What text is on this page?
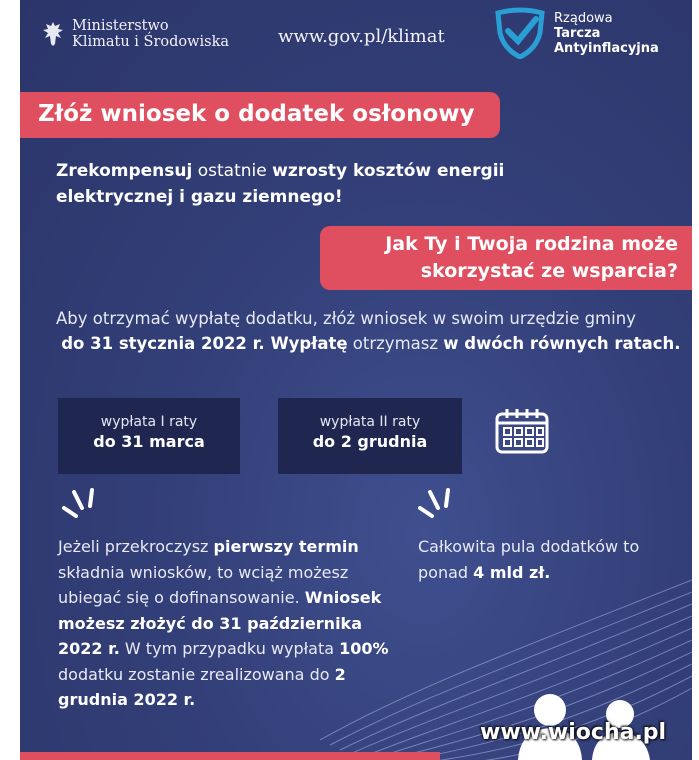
Ministerstwo
Klimatu i Środowiska	www.gov.pl/klimat
Rządowa
Tarcza
Antyinflacyjna
Złóż wniosek o dodatek osłonowy
Zrekompensuj ostatnie wzrosty kosztów energii elektrycznej i gazu ziemnego!
Jak Ty i Twoja rodzina może
skorzystać ze wsparcia?
Aby otrzymać wypłatę dodatku, złóż wniosek w swoim urzędzie gminy
do 31 stycznia 2022 r. Wypłatę otrzymasz w dwóch równych ratach.
wypłata I raty
do 31 marca
wypłata II raty
do 2 grudnia
Jeżeli przekroczysz pierwszy termin składnia wniosków, to wciąż możesz ubiegać się o dofinansowanie. Wniosek możesz złożyć do 31 października 2022 r. W tym przypadku wypłata 100% dodatku zostanie zrealizowana do 2 grudnia 2022 r.
Całkowita pula dodatków to ponad 4 mld zł.
www.wiocha.pl
